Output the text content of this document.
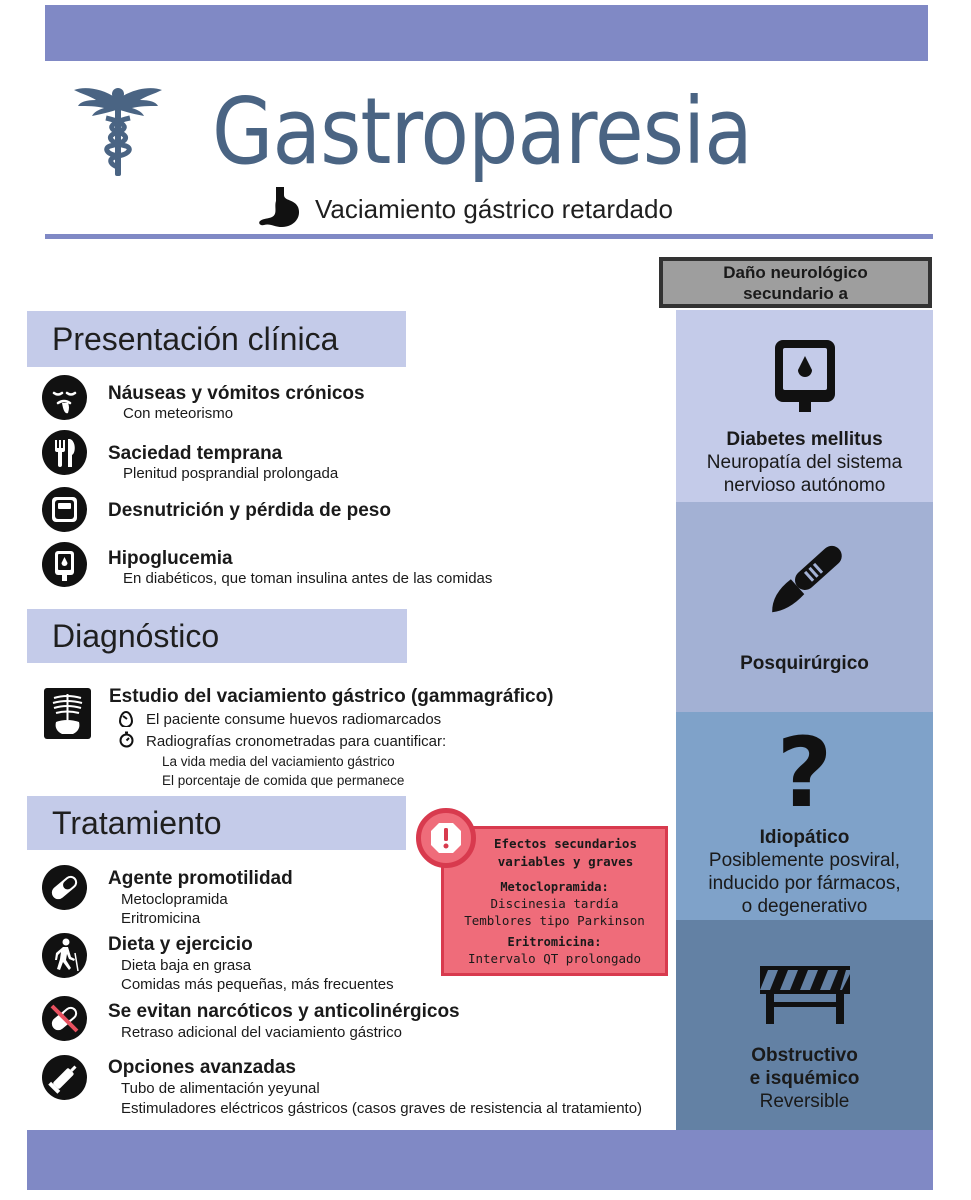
Gastroparesia
Vaciamiento gástrico retardado
Presentación clínica
Náuseas y vómitos crónicos
Con meteorismo
Saciedad temprana
Plenitud posprandial prolongada
Desnutrición y pérdida de peso
Hipoglucemia
En diabéticos, que toman insulina antes de las comidas
Diagnóstico
Estudio del vaciamiento gástrico (gammagráfico)
El paciente consume huevos radiomarcados
Radiografías cronometradas para cuantificar:
La vida media del vaciamiento gástrico
El porcentaje de comida que permanece
Tratamiento
Agente promotilidad
Metoclopramida
Eritromicina
Dieta y ejercicio
Dieta baja en grasa
Comidas más pequeñas, más frecuentes
Se evitan narcóticos y anticolinérgicos
Retraso adicional del vaciamiento gástrico
Opciones avanzadas
Tubo de alimentación yeyunal
Estimuladores eléctricos gástricos (casos graves de resistencia al tratamiento)
Efectos secundarios
variables y graves
Metoclopramida:
Discinesia tardía
Temblores tipo Parkinson
Eritromicina:
Intervalo QT prolongado
Daño neurológico
secundario a
Diabetes mellitus
Neuropatía del sistema
nervioso autónomo
Posquirúrgico
?
Idiopático
Posiblemente posviral,
inducido por fármacos,
o degenerativo
Obstructivo
e isquémico
Reversible
